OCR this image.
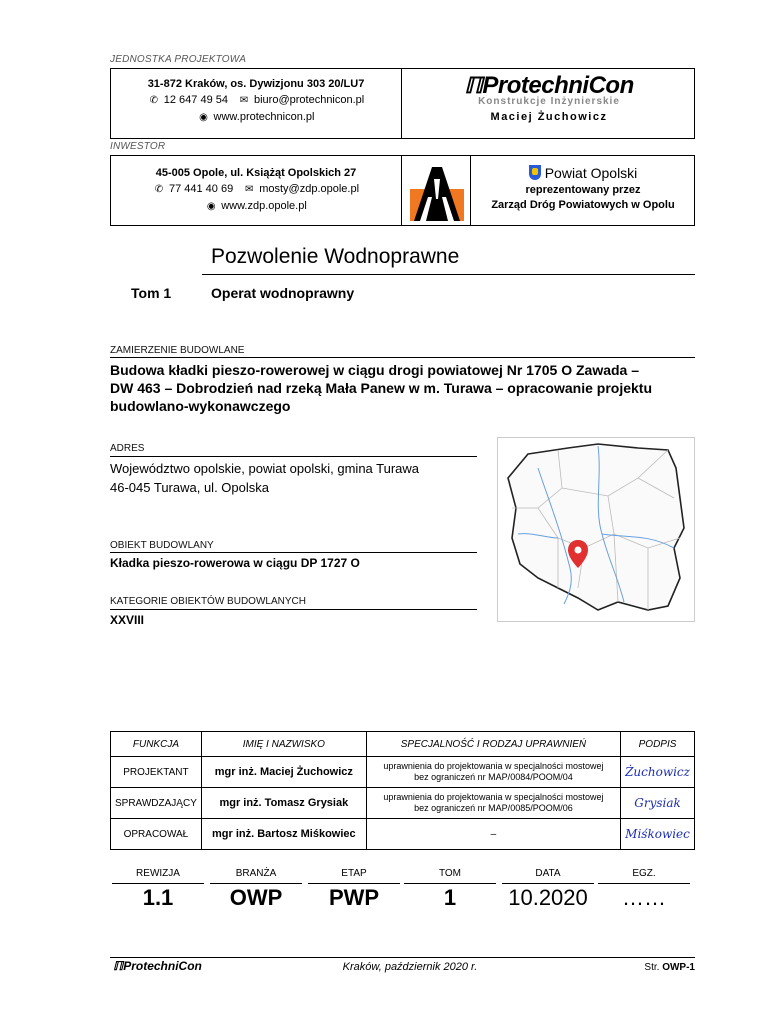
JEDNOSTKA PROJEKTOWA
31-872 Kraków, os. Dywizjonu 303 20/LU7
✆ 12 647 49 54 ✉ biuro@protechnicon.pl
◉ www.protechnicon.pl
ℿProtechniCon
Konstrukcje Inżynierskie
Maciej Żuchowicz
INWESTOR
45-005 Opole, ul. Książąt Opolskich 27
✆ 77 441 40 69 ✉ mosty@zdp.opole.pl
◉ www.zdp.opole.pl
Powiat Opolski
reprezentowany przez
Zarząd Dróg Powiatowych w Opolu
Pozwolenie Wodnoprawne
Tom 1	Operat wodnoprawny
ZAMIERZENIE BUDOWLANE
Budowa kładki pieszo-rowerowej w ciągu drogi powiatowej Nr 1705 O Zawada –
DW 463 – Dobrodzień nad rzeką Mała Panew w m. Turawa – opracowanie projektu
budowlano-wykonawczego
ADRES
Województwo opolskie, powiat opolski, gmina Turawa
46-045 Turawa, ul. Opolska
OBIEKT BUDOWLANY
Kładka pieszo-rowerowa w ciągu DP 1727 O
KATEGORIE OBIEKTÓW BUDOWLANYCH
XXVIII
FUNKCJA	IMIĘ I NAZWISKO	SPECJALNOŚĆ I RODZAJ UPRAWNIEŃ	PODPIS
PROJEKTANT	mgr inż. Maciej Żuchowicz	uprawnienia do projektowania w specjalności mostowej
bez ograniczeń nr MAP/0084/POOM/04	Żuchowicz
SPRAWDZAJĄCY	mgr inż. Tomasz Grysiak	uprawnienia do projektowania w specjalności mostowej
bez ograniczeń nr MAP/0085/POOM/06	Grysiak
OPRACOWAŁ	mgr inż. Bartosz Miśkowiec	–	Miśkowiec
REWIZJA	BRANŻA	ETAP	TOM	DATA	EGZ.
1.1	OWP	PWP	1	10.2020	……
ℿProtechniCon	Kraków, październik 2020 r.	Str. OWP-1
